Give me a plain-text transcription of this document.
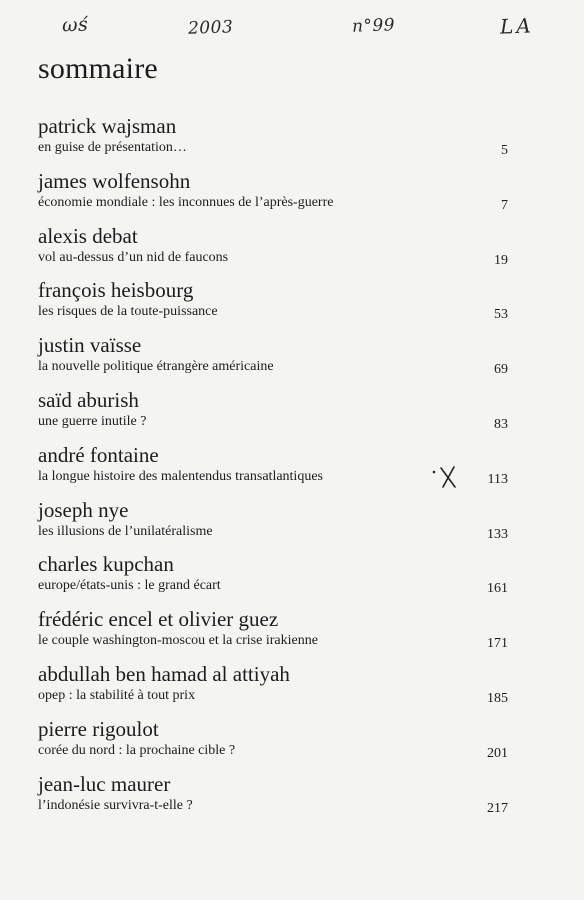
ωś	2003	n°99	LA
sommaire
patrick wajsman
en guise de présentation…	5
james wolfensohn
économie mondiale : les inconnues de l’après-guerre	7
alexis debat
vol au-dessus d’un nid de faucons	19
françois heisbourg
les risques de la toute-puissance	53
justin vaïsse
la nouvelle politique étrangère américaine	69
saïd aburish
une guerre inutile ?	83
andré fontaine
la longue histoire des malentendus transatlantiques	113
joseph nye
les illusions de l’unilatéralisme	133
charles kupchan
europe/états-unis : le grand écart	161
frédéric encel et olivier guez
le couple washington-moscou et la crise irakienne	171
abdullah ben hamad al attiyah
opep : la stabilité à tout prix	185
pierre rigoulot
corée du nord : la prochaine cible ?	201
jean-luc maurer
l’indonésie survivra-t-elle ?	217
